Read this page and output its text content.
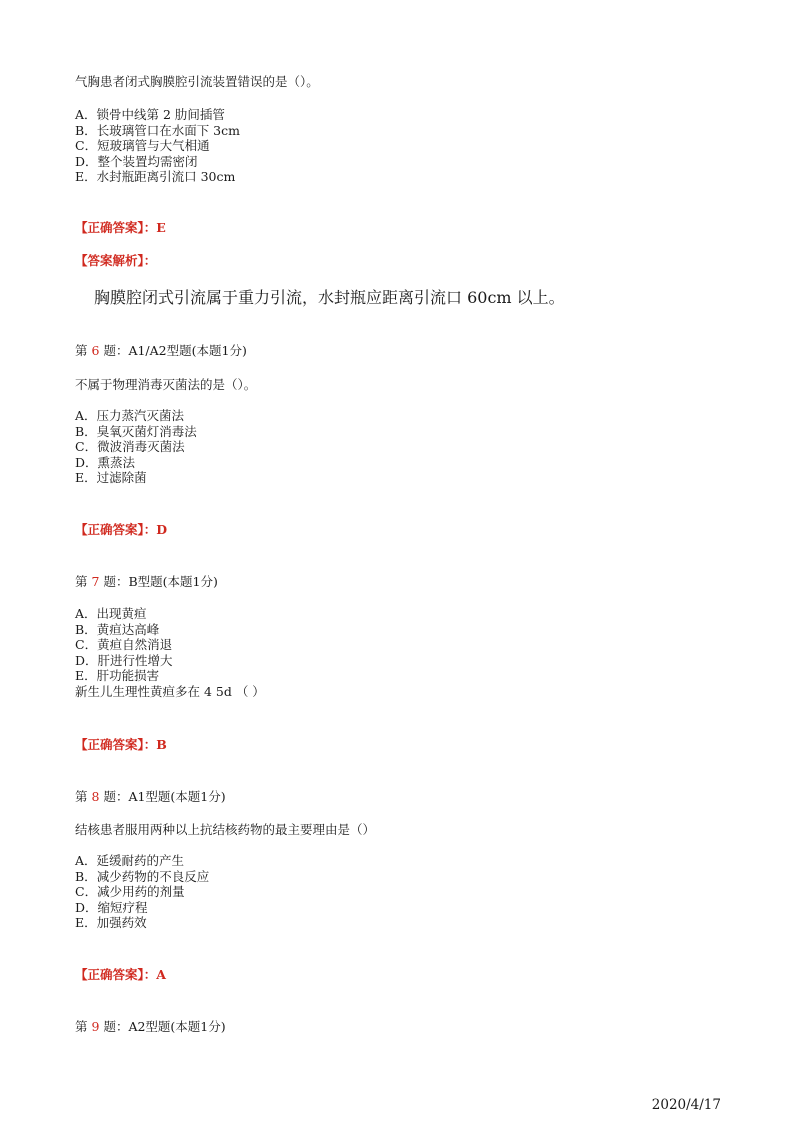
气胸患者闭式胸膜腔引流装置错误的是（）。
A．锁骨中线第 2 肋间插管
B．长玻璃管口在水面下 3cm
C．短玻璃管与大气相通
D．整个装置均需密闭
E．水封瓶距离引流口 30cm
【正确答案】：E
【答案解析】：
胸膜腔闭式引流属于重力引流，水封瓶应距离引流口 60cm 以上。
第 6 题：A1/A2型题(本题1分)
不属于物理消毒灭菌法的是（）。
A．压力蒸汽灭菌法
B．臭氧灭菌灯消毒法
C．微波消毒灭菌法
D．熏蒸法
E．过滤除菌
【正确答案】：D
第 7 题：B型题(本题1分)
A．出现黄疸
B．黄疸达高峰
C．黄疸自然消退
D．肝进行性增大
E．肝功能损害
新生儿生理性黄疸多在 4 5d （ ）
【正确答案】：B
第 8 题：A1型题(本题1分)
结核患者服用两种以上抗结核药物的最主要理由是（）
A．延缓耐药的产生
B．减少药物的不良反应
C．减少用药的剂量
D．缩短疗程
E．加强药效
【正确答案】：A
第 9 题：A2型题(本题1分)
2020/4/17
